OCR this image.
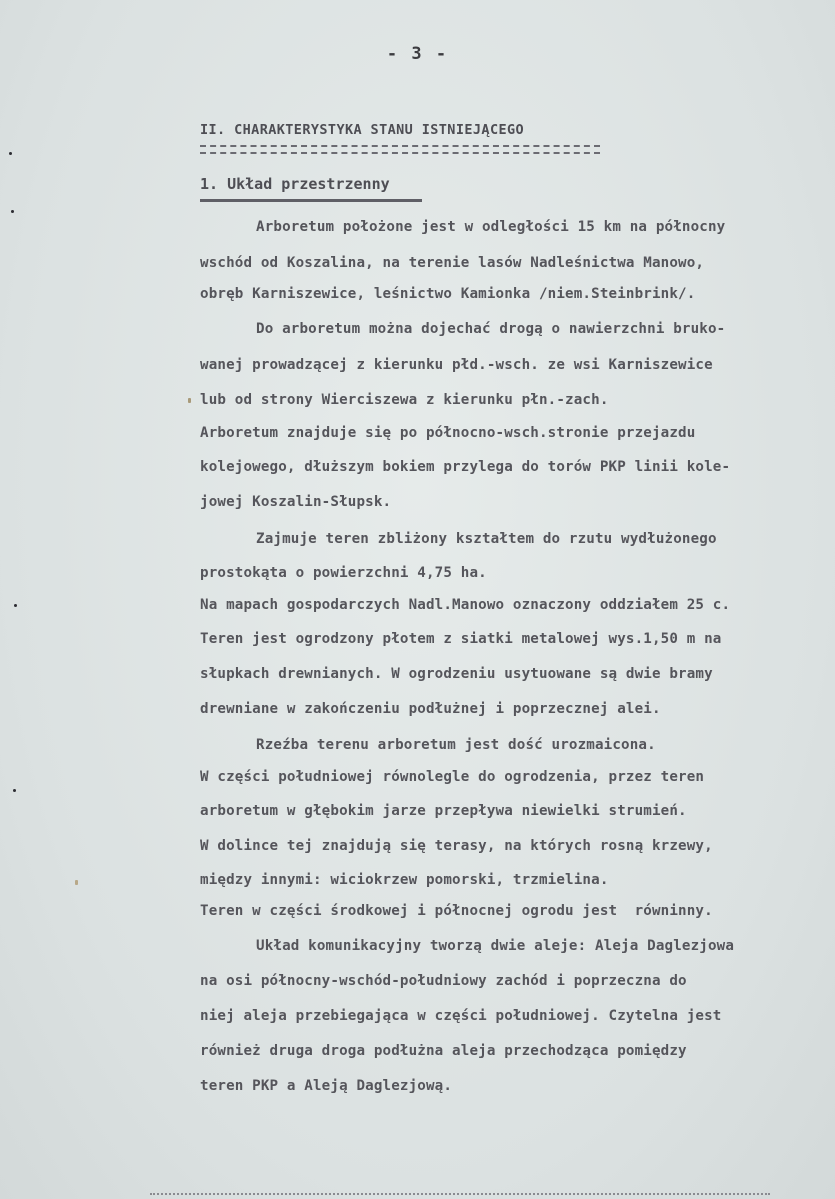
- 3 -
II. CHARAKTERYSTYKA STANU ISTNIEJĄCEGO
1. Układ przestrzenny
Arboretum położone jest w odległości 15 km na północny
wschód od Koszalina, na terenie lasów Nadleśnictwa Manowo,
obręb Karniszewice, leśnictwo Kamionka /niem.Steinbrink/.
Do arboretum można dojechać drogą o nawierzchni bruko-
wanej prowadzącej z kierunku płd.-wsch. ze wsi Karniszewice
lub od strony Wierciszewa z kierunku płn.-zach.
Arboretum znajduje się po północno-wsch.stronie przejazdu
kolejowego, dłuższym bokiem przylega do torów PKP linii kole-
jowej Koszalin-Słupsk.
Zajmuje teren zbliżony kształtem do rzutu wydłużonego
prostokąta o powierzchni 4,75 ha.
Na mapach gospodarczych Nadl.Manowo oznaczony oddziałem 25 c.
Teren jest ogrodzony płotem z siatki metalowej wys.1,50 m na
słupkach drewnianych. W ogrodzeniu usytuowane są dwie bramy
drewniane w zakończeniu podłużnej i poprzecznej alei.
Rzeźba terenu arboretum jest dość urozmaicona.
W części południowej równolegle do ogrodzenia, przez teren
arboretum w głębokim jarze przepływa niewielki strumień.
W dolince tej znajdują się terasy, na których rosną krzewy,
między innymi: wiciokrzew pomorski, trzmielina.
Teren w części środkowej i północnej ogrodu jest  równinny.
Układ komunikacyjny tworzą dwie aleje: Aleja Daglezjowa
na osi północny-wschód-południowy zachód i poprzeczna do
niej aleja przebiegająca w części południowej. Czytelna jest
również druga droga podłużna aleja przechodząca pomiędzy
teren PKP a Aleją Daglezjową.
